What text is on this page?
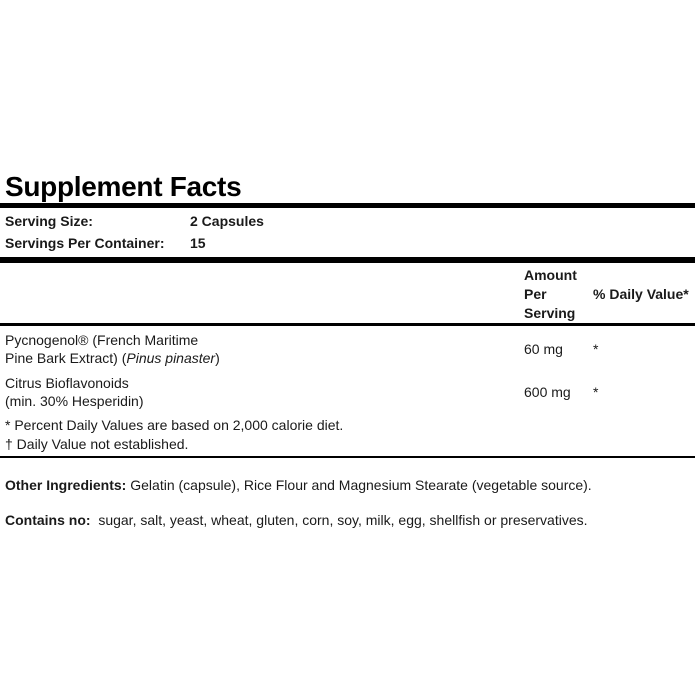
Supplement Facts
Serving Size:	2 Capsules
Servings Per Container: 15
Amount
Per
Serving
% Daily Value*
Pycnogenol® (French Maritime
Pine Bark Extract) (Pinus pinaster)
60 mg *
Citrus Bioflavonoids
(min. 30% Hesperidin)
600 mg *
* Percent Daily Values are based on 2,000 calorie diet.
† Daily Value not established.
Other Ingredients: Gelatin (capsule), Rice Flour and Magnesium Stearate (vegetable source).
Contains no:  sugar, salt, yeast, wheat, gluten, corn, soy, milk, egg, shellfish or preservatives.
